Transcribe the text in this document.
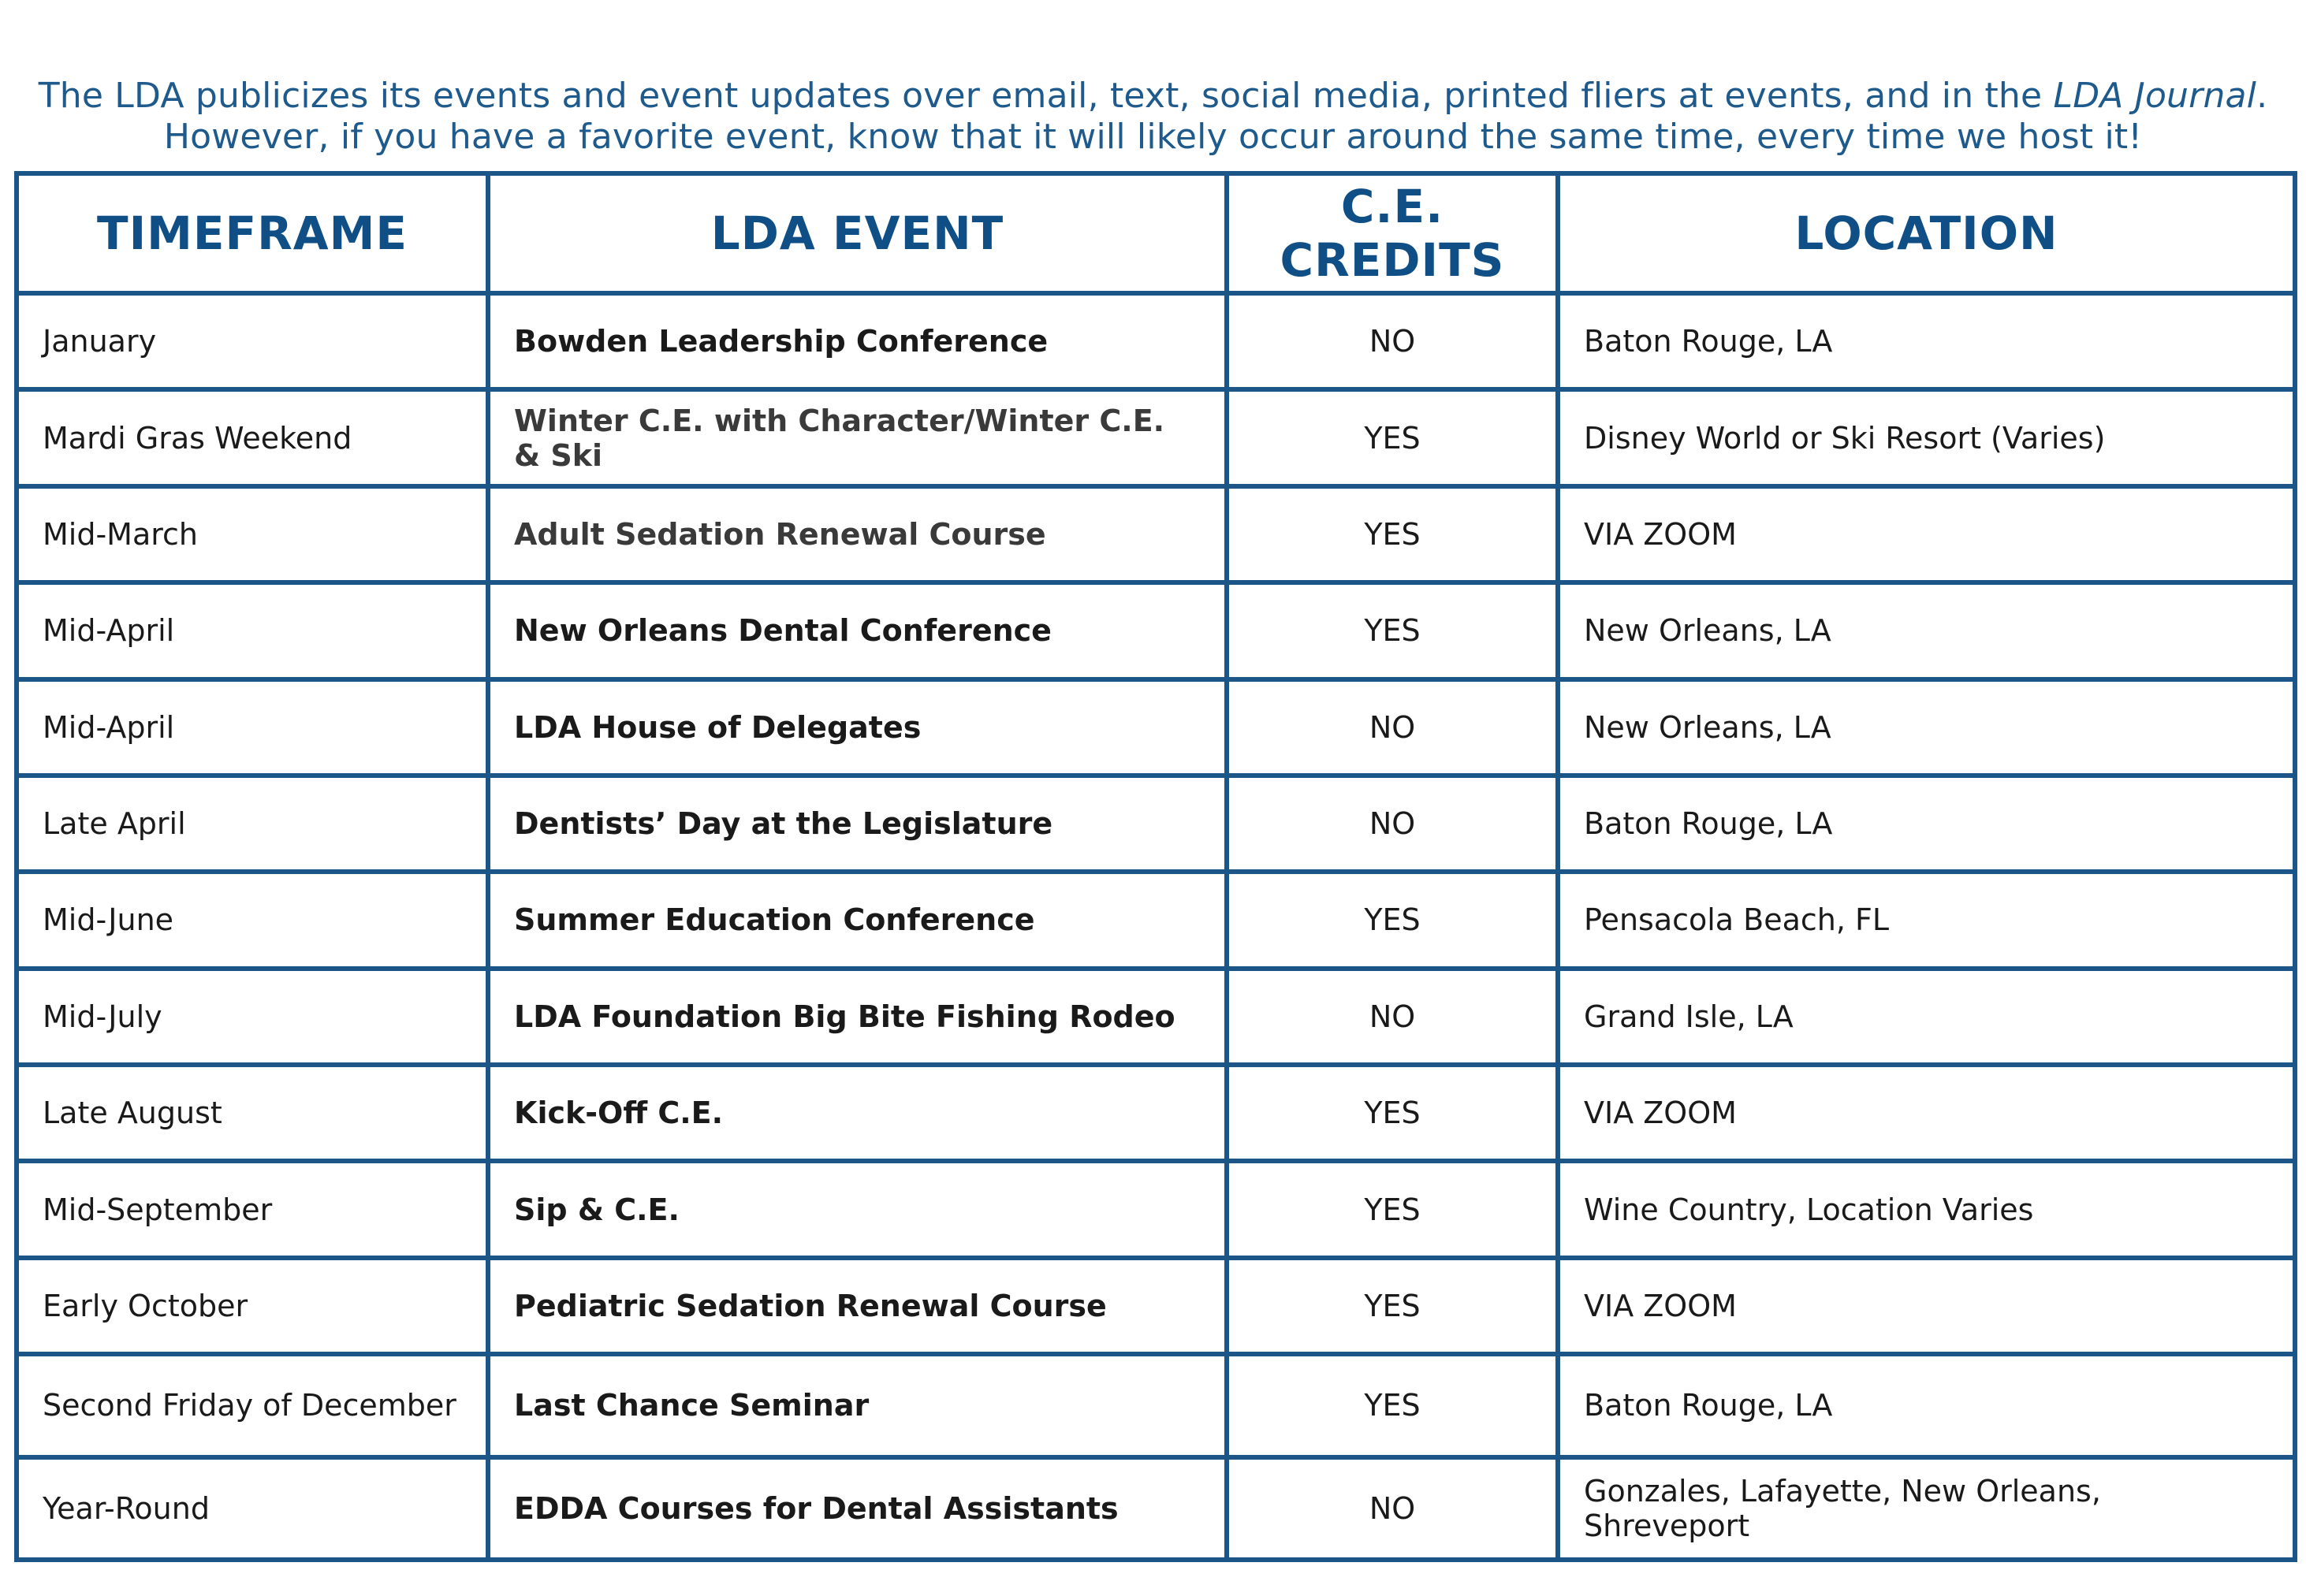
The LDA publicizes its events and event updates over email, text, social media, printed fliers at events, and in the LDA Journal. However, if you have a favorite event, know that it will likely occur around the same time, every time we host it!

TIMEFRAME	LDA EVENT	C.E. CREDITS	LOCATION
January	Bowden Leadership Conference	NO	Baton Rouge, LA
Mardi Gras Weekend	Winter C.E. with Character/Winter C.E. & Ski	YES	Disney World or Ski Resort (Varies)
Mid-March	Adult Sedation Renewal Course	YES	VIA ZOOM
Mid-April	New Orleans Dental Conference	YES	New Orleans, LA
Mid-April	LDA House of Delegates	NO	New Orleans, LA
Late April	Dentists’ Day at the Legislature	NO	Baton Rouge, LA
Mid-June	Summer Education Conference	YES	Pensacola Beach, FL
Mid-July	LDA Foundation Big Bite Fishing Rodeo	NO	Grand Isle, LA
Late August	Kick-Off C.E.	YES	VIA ZOOM
Mid-September	Sip & C.E.	YES	Wine Country, Location Varies
Early October	Pediatric Sedation Renewal Course	YES	VIA ZOOM
Second Friday of December	Last Chance Seminar	YES	Baton Rouge, LA
Year-Round	EDDA Courses for Dental Assistants	NO	Gonzales, Lafayette, New Orleans, Shreveport
